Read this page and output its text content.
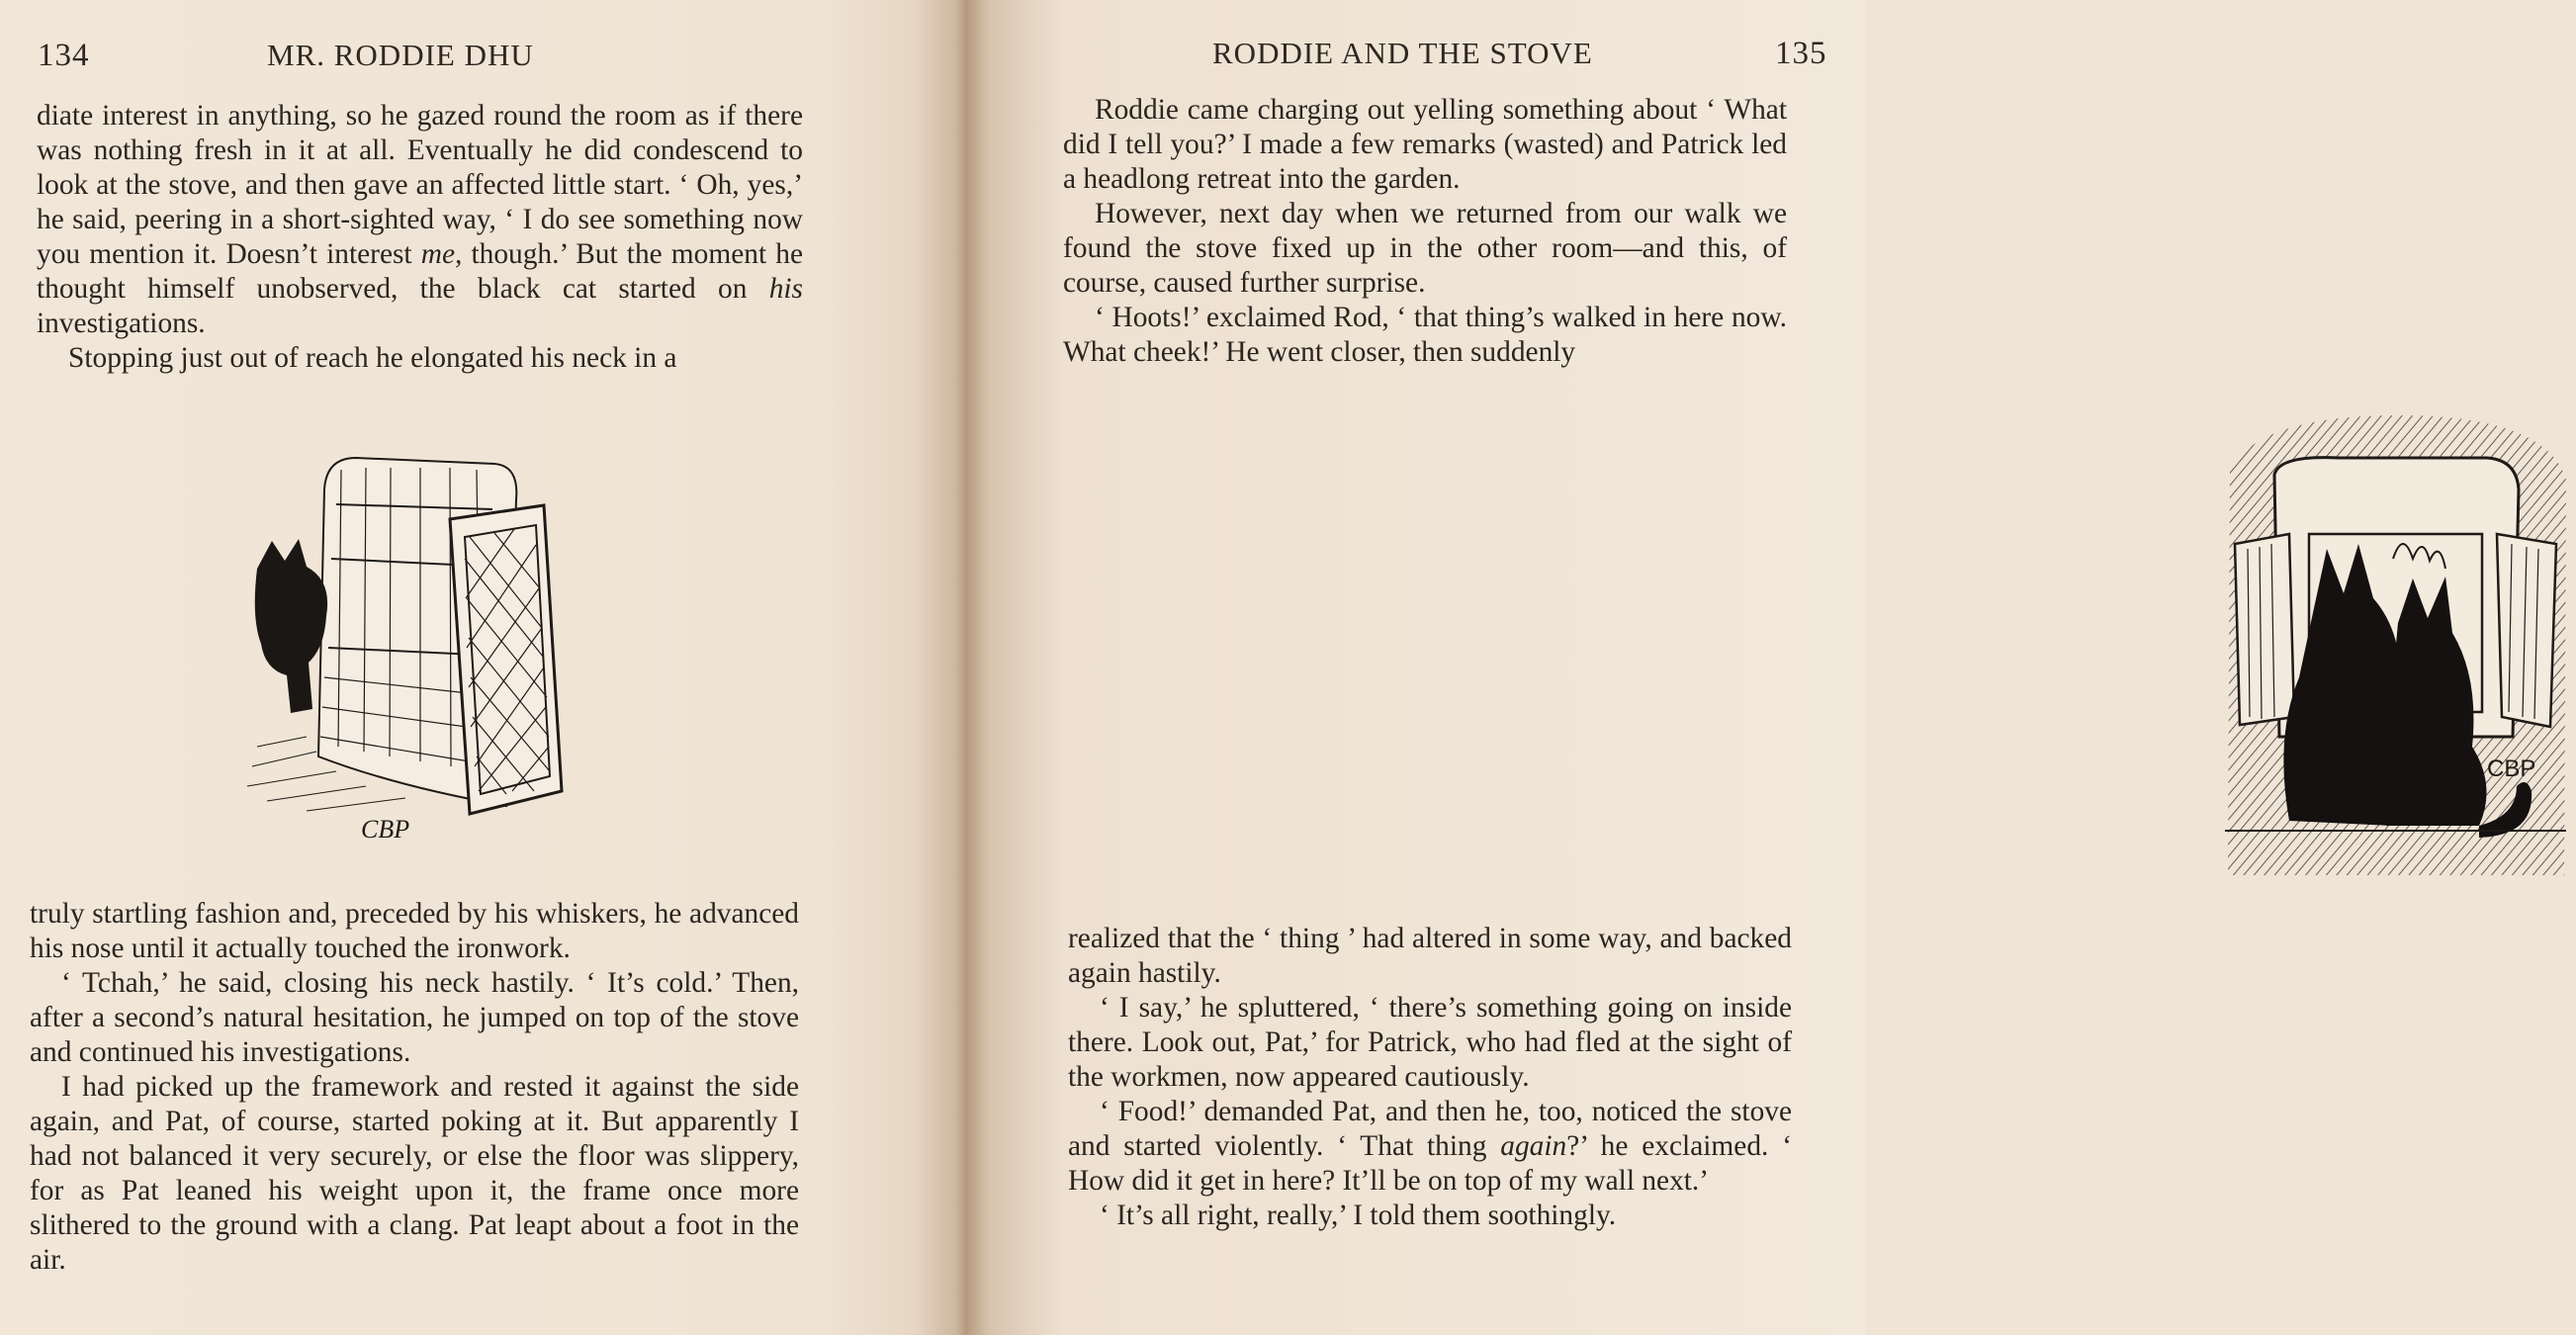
134	MR. RODDIE DHU

diate interest in anything, so he gazed round the room as if there was nothing fresh in it at all. Eventually he did condescend to look at the stove, and then gave an affected little start. ‘ Oh, yes,’ he said, peering in a short-sighted way, ‘ I do see something now you mention it. Doesn’t interest me, though.’ But the moment he thought himself unobserved, the black cat started on his investigations.

Stopping just out of reach he elongated his neck in a

CBP

truly startling fashion and, preceded by his whiskers, he advanced his nose until it actually touched the ironwork.

‘ Tchah,’ he said, closing his neck hastily. ‘ It’s cold.’ Then, after a second’s natural hesitation, he jumped on top of the stove and continued his investigations.

I had picked up the framework and rested it against the side again, and Pat, of course, started poking at it. But apparently I had not balanced it very securely, or else the floor was slippery, for as Pat leaned his weight upon it, the frame once more slithered to the ground with a clang. Pat leapt about a foot in the air.

RODDIE AND THE STOVE	135

Roddie came charging out yelling something about ‘ What did I tell you?’ I made a few remarks (wasted) and Patrick led a headlong retreat into the garden.

However, next day when we returned from our walk we found the stove fixed up in the other room—and this, of course, caused further surprise.

‘ Hoots!’ exclaimed Rod, ‘ that thing’s walked in here now. What cheek!’ He went closer, then suddenly

CBP

realized that the ‘ thing ’ had altered in some way, and backed again hastily.

‘ I say,’ he spluttered, ‘ there’s something going on inside there. Look out, Pat,’ for Patrick, who had fled at the sight of the workmen, now appeared cautiously.

‘ Food!’ demanded Pat, and then he, too, noticed the stove and started violently. ‘ That thing again?’ he exclaimed. ‘ How did it get in here? It’ll be on top of my wall next.’

‘ It’s all right, really,’ I told them soothingly.
